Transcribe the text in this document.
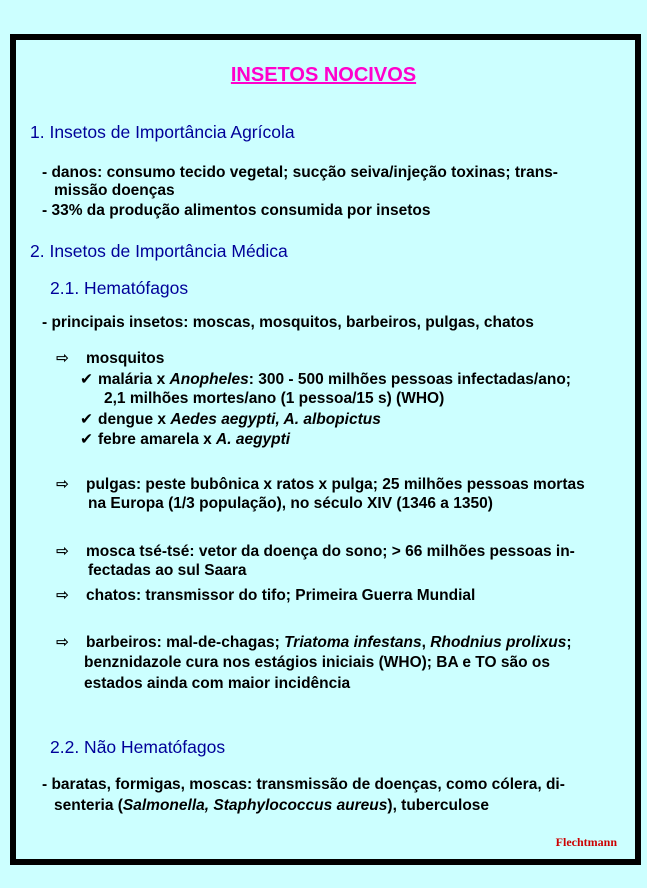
INSETOS NOCIVOS
1. Insetos de Importância Agrícola
- danos: consumo tecido vegetal; sucção seiva/injeção toxinas; trans-
missão doenças
- 33% da produção alimentos consumida por insetos
2. Insetos de Importância Médica
2.1. Hematófagos
- principais insetos: moscas, mosquitos, barbeiros, pulgas, chatos
⇨ mosquitos
✔ malária x Anopheles: 300 - 500 milhões pessoas infectadas/ano;
2,1 milhões mortes/ano (1 pessoa/15 s) (WHO)
✔ dengue x Aedes aegypti, A. albopictus
✔ febre amarela x A. aegypti
⇨ pulgas: peste bubônica x ratos x pulga; 25 milhões pessoas mortas
na Europa (1/3 população), no século XIV (1346 a 1350)
⇨ mosca tsé-tsé: vetor da doença do sono; > 66 milhões pessoas in-
fectadas ao sul Saara
⇨ chatos: transmissor do tifo; Primeira Guerra Mundial
⇨ barbeiros: mal-de-chagas; Triatoma infestans, Rhodnius prolixus;
benznidazole cura nos estágios iniciais (WHO); BA e TO são os
estados ainda com maior incidência
2.2. Não Hematófagos
- baratas, formigas, moscas: transmissão de doenças, como cólera, di-
senteria (Salmonella, Staphylococcus aureus), tuberculose
Flechtmann
